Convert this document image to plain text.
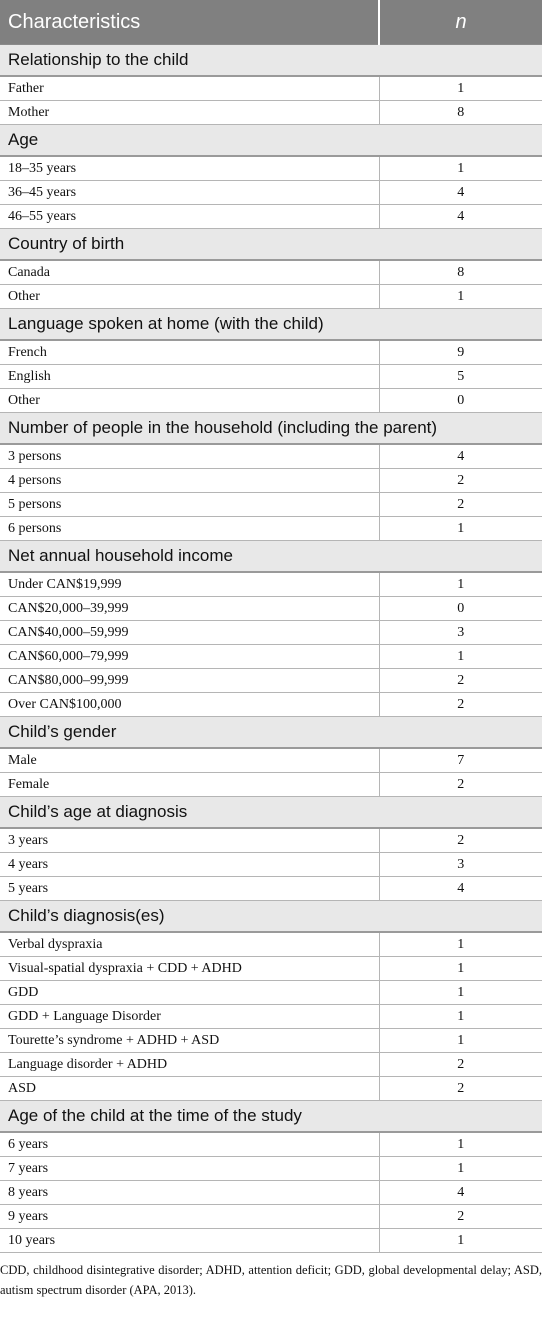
Characteristics	n
Relationship to the child	
Father	1
Mother	8
Age	
18–35 years	1
36–45 years	4
46–55 years	4
Country of birth	
Canada	8
Other	1
Language spoken at home (with the child)	
French	9
English	5
Other	0
Number of people in the household (including the parent)	
3 persons	4
4 persons	2
5 persons	2
6 persons	1
Net annual household income	
Under CAN$19,999	1
CAN$20,000–39,999	0
CAN$40,000–59,999	3
CAN$60,000–79,999	1
CAN$80,000–99,999	2
Over CAN$100,000	2
Child’s gender	
Male	7
Female	2
Child’s age at diagnosis	
3 years	2
4 years	3
5 years	4
Child’s diagnosis(es)	
Verbal dyspraxia	1
Visual-spatial dyspraxia + CDD + ADHD	1
GDD	1
GDD + Language Disorder	1
Tourette’s syndrome + ADHD + ASD	1
Language disorder + ADHD	2
ASD	2
Age of the child at the time of the study	
6 years	1
7 years	1
8 years	4
9 years	2
10 years	1
CDD, childhood disintegrative disorder; ADHD, attention deficit; GDD, global developmental delay; ASD, autism spectrum disorder (APA, 2013).
